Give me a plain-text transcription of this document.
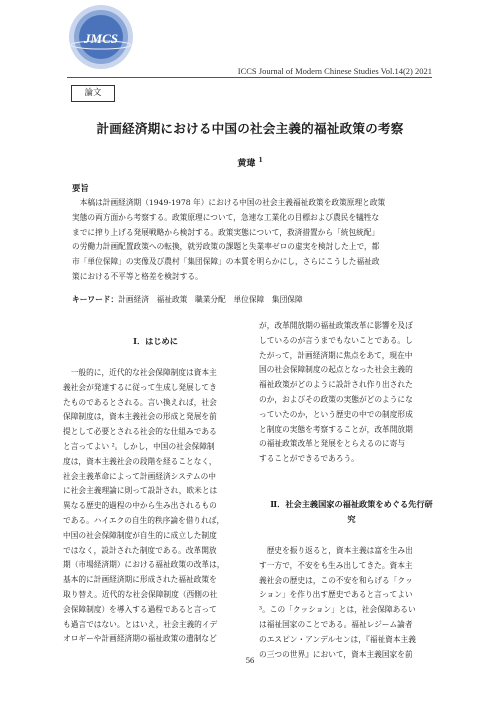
JMCS
ICCS Journal of Modern Chinese Studies Vol.14(2) 2021
論文
計画経済期における中国の社会主義的福祉政策の考察
黄瑋 $^1$
要旨
　本稿は計画経済期（1949-1978 年）における中国の社会主義福祉政策を政策原理と政策
実態の両方面から考察する。政策原理について，急速な工業化の目標および農民を犠牲な
までに搾り上げる発展戦略から検討する。政策実態について，救済措置から「統包統配」
の労働力計画配置政策への転換，就労政策の課題と失業率ゼロの虚実を検討した上で，都
市「単位保障」の実像及び農村「集団保障」の本質を明らかにし，さらにこうした福祉政
策における不平等と格差を検討する。
キーワード：計画経済　福祉政策　職業分配　単位保障　集団保障
Ⅰ．はじめに
　一般的に，近代的な社会保障制度は資本主
義社会が発達するに従って生成し発展してき
たものであるとされる。言い換えれば，社会
保障制度は，資本主義社会の形成と発展を前
提として必要とされる社会的な仕組みである
と言ってよい ²。しかし，中国の社会保障制
度は，資本主義社会の段階を経ることなく，
社会主義革命によって計画経済システムの中
に社会主義理論に則って設計され，欧米とは
異なる歴史的過程の中から生み出されるもの
である。ハイエクの自生的秩序論を借りれば，
中国の社会保障制度が自生的に成立した制度
ではなく，設計された制度である。改革開放
期（市場経済期）における福祉政策の改革は，
基本的に計画経済期に形成された福祉政策を
取り替え。近代的な社会保障制度（西側の社
会保障制度）を導入する過程であると言って
も過言ではない。とはいえ，社会主義的イデ
オロギーや計画経済期の福祉政策の遺制など
が，改革開放期の福祉政策改革に影響を及ぼ
しているのが言うまでもないことである。し
たがって，計画経済期に焦点をあて，現在中
国の社会保障制度の起点となった社会主義的
福祉政策がどのように設計され作り出された
のか，およびその政策の実態がどのようにな
っていたのか，という歴史の中での制度形成
と制度の実態を考察することが，改革開放期
の福祉政策改革と発展をとらえるのに寄与
することができるであろう。
Ⅱ．社会主義国家の福祉政策をめぐる先行研
究
　歴史を振り返ると，資本主義は富を生み出
す一方で，不安をも生み出してきた。資本主
義社会の歴史は，この不安を和らげる「クッ
ション」を作り出す歴史であると言ってよい
³。この「クッション」とは，社会保障あるい
は福祉国家のことである。福祉レジーム論者
のエスピン・アンデルセンは，『福祉資本主義
の三つの世界』において，資本主義国家を前
56
